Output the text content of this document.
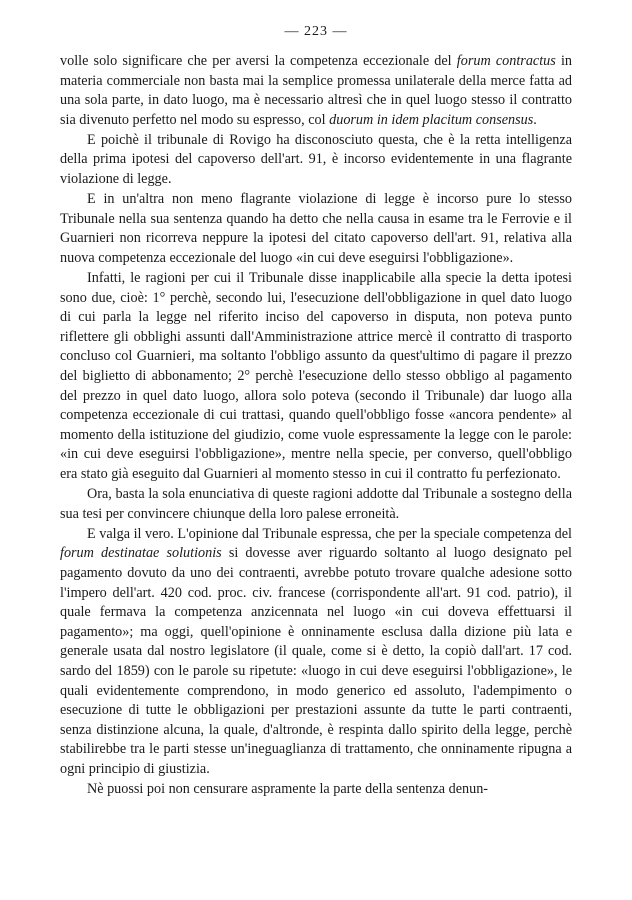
— 223 —

volle solo significare che per aversi la competenza eccezionale del forum contractus in materia commerciale non basta mai la semplice promessa unilaterale della merce fatta ad una sola parte, in dato luogo, ma è necessario altresì che in quel luogo stesso il contratto sia divenuto perfetto nel modo su espresso, col duorum in idem placitum consensus.

E poichè il tribunale di Rovigo ha disconosciuto questa, che è la retta intelligenza della prima ipotesi del capoverso dell'art. 91, è incorso evidentemente in una flagrante violazione di legge.

E in un'altra non meno flagrante violazione di legge è incorso pure lo stesso Tribunale nella sua sentenza quando ha detto che nella causa in esame tra le Ferrovie e il Guarnieri non ricorreva neppure la ipotesi del citato capoverso dell'art. 91, relativa alla nuova competenza eccezionale del luogo «in cui deve eseguirsi l'obbligazione».

Infatti, le ragioni per cui il Tribunale disse inapplicabile alla specie la detta ipotesi sono due, cioè: 1° perchè, secondo lui, l'esecuzione dell'obbligazione in quel dato luogo di cui parla la legge nel riferito inciso del capoverso in disputa, non poteva punto riflettere gli obblighi assunti dall'Amministrazione attrice mercè il contratto di trasporto concluso col Guarnieri, ma soltanto l'obbligo assunto da quest'ultimo di pagare il prezzo del biglietto di abbonamento; 2° perchè l'esecuzione dello stesso obbligo al pagamento del prezzo in quel dato luogo, allora solo poteva (secondo il Tribunale) dar luogo alla competenza eccezionale di cui trattasi, quando quell'obbligo fosse «ancora pendente» al momento della istituzione del giudizio, come vuole espressamente la legge con le parole: «in cui deve eseguirsi l'obbligazione», mentre nella specie, per converso, quell'obbligo era stato già eseguito dal Guarnieri al momento stesso in cui il contratto fu perfezionato.

Ora, basta la sola enunciativa di queste ragioni addotte dal Tribunale a sostegno della sua tesi per convincere chiunque della loro palese erroneità.

E valga il vero. L'opinione dal Tribunale espressa, che per la speciale competenza del forum destinatae solutionis si dovesse aver riguardo soltanto al luogo designato pel pagamento dovuto da uno dei contraenti, avrebbe potuto trovare qualche adesione sotto l'impero dell'art. 420 cod. proc. civ. francese (corrispondente all'art. 91 cod. patrio), il quale fermava la competenza anzicennata nel luogo «in cui doveva effettuarsi il pagamento»; ma oggi, quell'opinione è onninamente esclusa dalla dizione più lata e generale usata dal nostro legislatore (il quale, come si è detto, la copiò dall'art. 17 cod. sardo del 1859) con le parole su ripetute: «luogo in cui deve eseguirsi l'obbligazione», le quali evidentemente comprendono, in modo generico ed assoluto, l'adempimento o esecuzione di tutte le obbligazioni per prestazioni assunte da tutte le parti contraenti, senza distinzione alcuna, la quale, d'altronde, è respinta dallo spirito della legge, perchè stabilirebbe tra le parti stesse un'ineguaglianza di trattamento, che onninamente ripugna a ogni principio di giustizia.

Nè puossi poi non censurare aspramente la parte della sentenza denun-
